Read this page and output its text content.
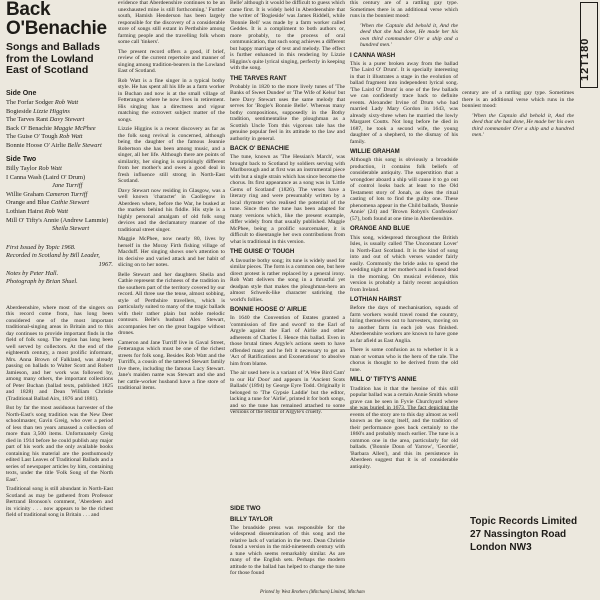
Back O'Benachie
Songs and Ballads from the Lowland East of Scotland
Side One
The Forfar Sodger Rob Watt
Bogieside Lizzie Higgins
The Tarves Rant Davy Stewart
Back O' Benachie Maggie McPhee
The Guise O' Tough Rob Watt
Bonnie Hoose O' Airlie Belle Stewart
Side Two
Billy Taylor Rob Watt
I Canna Wash (Laird O' Drum)
Jane Turriff
Willie Graham Cameron Turriff
Orange and Blue Cathie Stewart
Lothian Hairst Rob Watt
Mill O' Tifty's Annie (Andrew Lammie)
Sheila Stewart
First Issued by Topic 1968.
Recorded in Scotland by Bill Leader,
1967.
Notes by Peter Hall.
Photograph by Brian Shuel.

Aberdeenshire, where most of the singers on this record come from, has long been considered one of the most important traditional-singing areas in Britain and to this day continues to provide important finds in the field of folk song. The region has long been well served by collectors. At the end of the eighteenth century, a most prolific informant, Mrs. Anna Brown of Falkland, was already passing on ballads to Walter Scott and Robert Jamieson, and her work was followed by, among many others, the important collections of Peter Buchan (ballad texts, published 1825 and 1828) and Dean William Christie (Traditional Ballad Airs, 1876 and 1881).

But by far the most assiduous harvester of the North-East's song tradition was the New Deer schoolmaster, Gavin Greig, who over a period of less than ten years amassed a collection of more than 3,500 items. Unfortunately Greig died in 1914 before he could publish any major part of his work and the only available books containing his material are the posthumously edited Last Leaves of Traditional Ballads and a series of newspaper articles by him, containing texts, under the title 'Folk Song of the North East'.

Traditional song is still abundant in North-East Scotland as may be gathered from Professor Bertrand Bronson's comment, 'Aberdeen and its vicinity . . . now appears to be the richest field of traditional song in Britain . . . and

evidence that Aberdeenshire continues to be an unexhausted mine is still forthcoming.' Further south, Hamish Henderson has been largely responsible for the discovery of a considerable store of songs still extant in Perthshire among farming people and the travelling folk whom some call 'tinkers'.

The present record offers a good, if brief, review of the current repertoire and manner of singing among tradition-bearers in the Lowland East of Scotland.

Rob Watt is a fine singer in a typical bothy style. He has spent all his life as a farm worker in Buchan and now is at the small village of Fetterangus where he now lives in retirement. His singing has a directness and vigour matching the extrovert subject matter of the songs.

Lizzie Higgins is a recent discovery as far as the folk song revival is concerned, although being the daughter of the famous Jeannie Robertson she has been among music, and a singer, all her life. Although there are points of similarity, her singing is surprisingly different from her mother's and owes a good deal in fresh influence still strong in North-East Scotland.

Davy Stewart now residing in Glasgow, was a well known 'character' in Caoliegow in Aberdeen where, before the War, he busked at the markets behind his fiddle. His style is a highly personal amalgam of old folk song devices and the declamatory manner of the traditional street singer.

Maggie McPhee, now nearly 80, lives by herself in the Moray Firth fishing village of Macduff. Her singing shows one's attention to its decisive and varied attack and her habit of slicing on to her notes.

Belle Stewart and her daughters Sheila and Cathie represent the richness of the tradition in the southern part of the territory covered by our record. All three use the tense, almost sobbing, style of Perthshire travellers, which is particularly suited to many of the tragic ballads with their rather plain but noble melodic contours. Belle's husband Alex Stewart, accompanies her on the great bagpipe without drones.

Cameron and Jane Turriff live in Gaval Street, Fetterangus which must be one of the richest streets for folk song. Besides Rob Watt and the Turriffs, a cousin of the tattered Stewart family live there, including the famous Lucy Stewart. Jane's maiden name was Stewart and she and her cattle-worker husband have a fine store of traditional items.

Belle' although it would be difficult to guess which came first. It is widely held in Aberdeenshire that the writer of 'Bogieside' was James Riddell, while 'Bonnie Bell' was made by a farm worker called Geddes. It is a compliment to both authors or, more probably, to the process of oral communication, that such song achieves a different but happy marriage of text and melody. The effect is further enhanced in this rendering by Lizzie Higgins's quite lyrical singing, perfectly in keeping with the song.

THE TARVES RANT

Probably in 1820 to the more lively tunes of 'The Banks of Sweet Dundee' or 'The Wife of Kelso' but here Davy Stewart uses the same melody that serves for 'Bogie's Bonnie Belle'. Whereas many bothy compositions, supposedly in the Bothy tradition, sentimentalise the ploughman as a Scottish Uncle Tom this vigorous tale has the genuine popular feel in its attitude to the law and authority in general.

BACK O' BENACHIE

The tune, known as 'The Hessian's March', was brought back to Scotland by soldiers serving with Marlborough and at first was an instrumental piece with but a single strain which has since become the chorus. Its first appearance as a song was in 'Little Gems of Scotland' (1826). The verses have a literary ring and were presumably written by a local rhymster who realised the potential of the tune. Since then the tune has been adapted for many versions which, like the present example, differ widely from that usually published. Maggie McPhee, being a prolific sourcemaker, it is difficult to disentangle her own contributions from what is traditional in this version.

THE GUISE O' TOUGH

A favourite bothy song; its tune is widely used for similar pieces. The form is a common one, but here direct protest is rather replaced by a general irony. Rob Watt delivers the song in a thrustful yet deadpan style that makes the ploughman-hero an almost Schweik-like character satirising the world's follies.

BONNIE HOOSE O' AIRLIE

In 1640 the Convention of Estates granted a 'commission of fire and sword' to the Earl of Argyle against the Earl of Airlie and other adherents of Charles I. Hence this ballad. Even in those brutal times Argyle's actions seem to have offended many and he felt it necessary to get an 'Act of Ratifications and Exonerations' to absolve him from blame.

The air used here is a variant of 'A Wee Bird Cam' to our Ha' Door' and appears in 'Ancient Scots Ballads' (1894) by George Eyre Todd. Originally it belonged to 'The Gypsie Laddie' but the editor, lacking a tune for 'Airlie', printed it for both songs, and so the tune has remained attached to some versions of the recital of Argyle's cruelty.

SIDE TWO
BILLY TAYLOR

The broadside press was responsible for the widespread dissemination of this song and the relative lack of variation in the text. Dean Christie found a version in the mid-nineteenth century with a tune which seems remarkably similar. As are many of the English sets. Perhaps the modern attitude to the ballad has helped to change the tune for those found

this century are of a rattling gay type. Sometimes there is an additional verse which runs in the bonniest mood:

'When the Captain did behold it, And the deed that she had done, He made her his own third commander O'er a ship and a hundred men.'

I CANNA WASH

This is a purer broken away from the ballad 'The Laird O' Drum'. It is specially interesting in that it illustrates a stage in the evolution of ballad fragment into independent lyrical song. 'The Laird O' Drum' is one of the few ballads we can confidently trace back to definite events. Alexander Irvine of Drum who had married Lady Mary Gordon in 1643, was already sixty-three when he married the lowly Margaret Coutts. Not long before he died in 1687, he took a second wife, the young daughter of a shepherd, to the dismay of his family.

WILLIE GRAHAM

Although this song is obviously a broadside production, it contains folk beliefs of considerable antiquity. The superstition that a wrongdoer aboard a ship will cause it to go out of control looks back at least to the Old Testament story of Jonah, as does the ritual casting of lots to find the guilty one. These phenomena appear in the Child ballads, 'Bonnie Annie' (24) and 'Brown Robyn's Confession' (57), both found at one time in Aberdeenshire.

ORANGE AND BLUE

This song, widespread throughout the British Isles, is usually called 'The Unconstant Lover' in North-East Scotland. It is the kind of song into and out of which verses wander fairly easily. Commonly the bride asks to spend the wedding night at her mother's and is found dead in the morning. On musical evidence, this version is probably a fairly recent acquisition from Ireland.

LOTHIAN HAIRST

Before the days of mechanisation, squads of farm workers would travel round the country, hiring themselves out to harvesters, moving on to another farm in each job was finished. Aberdeenshire workers are known to have gone as far afield as East Anglia.

There is some confusion as to whether it is a man or woman who is the hero of the tale. The chorus is thought to be derived from the old tune.

MILL O' TIFTY'S ANNIE

Tradition has it that the heroine of this still popular ballad was a certain Annie Smith whose grave can be seen in Fyvie Churchyard where she was buried in 1673. The fact depicting the events of the story are to this day almost as well known as the song itself, and the tradition of their performance goes back certainly to the 1860's and probably much earlier. The tune is a common one in the area, particularly for old ballads. ('Bonnie Doun of Yarrow', 'Geordie', 'Barbara Allen'), and this its persistence in Aberdeen suggest that it is of considerable antiquity.

century are of a rattling gay type. Sometimes there is an additional verse which runs in the bonniest mood:

'When the Captain did behold it, And the deed that she had done, He made her his own third commander O'er a ship and a hundred men.'

12T180
Topic Records Limited
27 Nassington Road
London NW3
Printed by West Brothers (Mitcham) Limited, Mitcham
